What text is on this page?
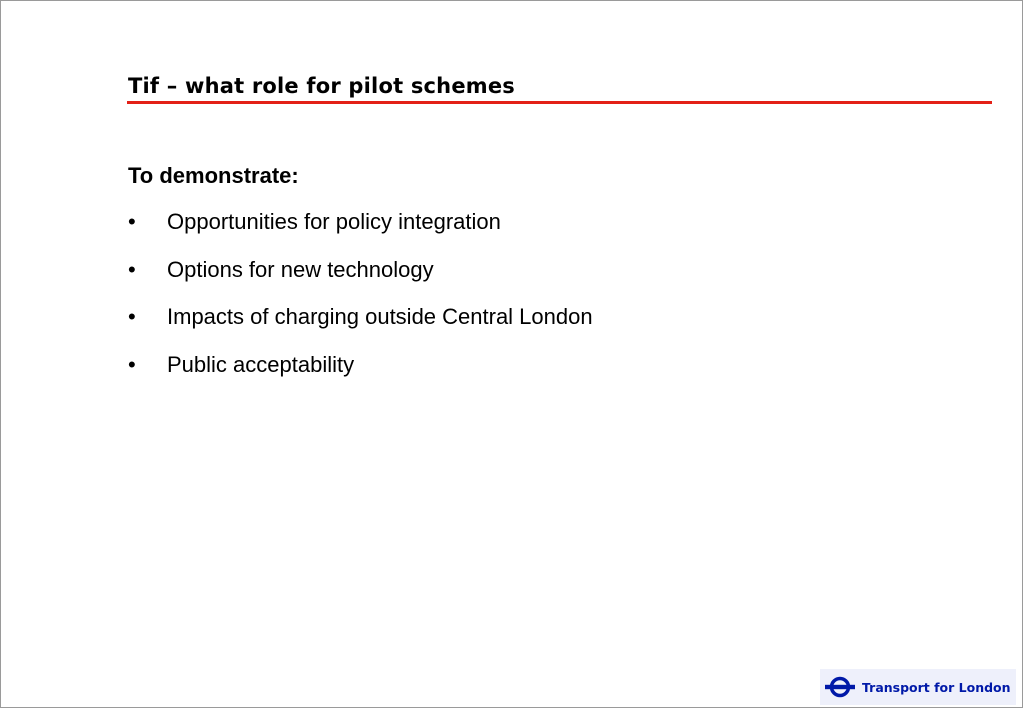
Tif – what role for pilot schemes
To demonstrate:
•	Opportunities for policy integration
•	Options for new technology
•	Impacts of charging outside Central London
•	Public acceptability
Transport for London
